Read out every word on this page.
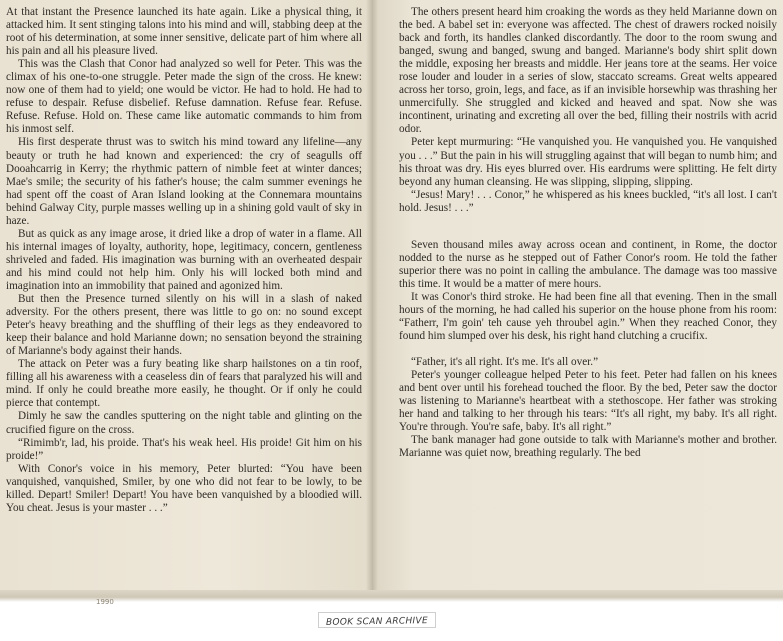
At that instant the Presence launched its hate again. Like a physical thing, it attacked him. It sent stinging talons into his mind and will, stabbing deep at the root of his determination, at some inner sensitive, delicate part of him where all his pain and all his pleasure lived.

This was the Clash that Conor had analyzed so well for Peter. This was the climax of his one-to-one struggle. Peter made the sign of the cross. He knew: now one of them had to yield; one would be victor. He had to hold. He had to refuse to despair. Refuse disbelief. Refuse damnation. Refuse fear. Refuse. Refuse. Refuse. Hold on. These came like automatic commands to him from his inmost self.

His first desperate thrust was to switch his mind toward any lifeline—any beauty or truth he had known and experienced: the cry of seagulls off Dooahcarrig in Kerry; the rhythmic pattern of nimble feet at winter dances; Mae's smile; the security of his father's house; the calm summer evenings he had spent off the coast of Aran Island looking at the Connemara mountains behind Galway City, purple masses welling up in a shining gold vault of sky in haze.

But as quick as any image arose, it dried like a drop of water in a flame. All his internal images of loyalty, authority, hope, legitimacy, concern, gentleness shriveled and faded. His imagination was burning with an overheated despair and his mind could not help him. Only his will locked both mind and imagination into an immobility that pained and agonized him.

But then the Presence turned silently on his will in a slash of naked adversity. For the others present, there was little to go on: no sound except Peter's heavy breathing and the shuffling of their legs as they endeavored to keep their balance and hold Marianne down; no sensation beyond the straining of Marianne's body against their hands.

The attack on Peter was a fury beating like sharp hailstones on a tin roof, filling all his awareness with a ceaseless din of fears that paralyzed his will and mind. If only he could breathe more easily, he thought. Or if only he could pierce that contempt.

Dimly he saw the candles sputtering on the night table and glinting on the crucified figure on the cross.

“Rimimb'r, lad, his proide. That's his weak heel. His proide! Git him on his proide!”

With Conor's voice in his memory, Peter blurted: “You have been vanquished, vanquished, Smiler, by one who did not fear to be lowly, to be killed. Depart! Smiler! Depart! You have been vanquished by a bloodied will. You cheat. Jesus is your master . . .”

The others present heard him croaking the words as they held Marianne down on the bed. A babel set in: everyone was affected. The chest of drawers rocked noisily back and forth, its handles clanked discordantly. The door to the room swung and banged, swung and banged, swung and banged. Marianne's body shirt split down the middle, exposing her breasts and middle. Her jeans tore at the seams. Her voice rose louder and louder in a series of slow, staccato screams. Great welts appeared across her torso, groin, legs, and face, as if an invisible horsewhip was thrashing her unmercifully. She struggled and kicked and heaved and spat. Now she was incontinent, urinating and excreting all over the bed, filling their nostrils with acrid odor.

Peter kept murmuring: “He vanquished you. He vanquished you. He vanquished you . . .” But the pain in his will struggling against that will began to numb him; and his throat was dry. His eyes blurred over. His eardrums were splitting. He felt dirty beyond any human cleansing. He was slipping, slipping, slipping.

“Jesus! Mary! . . . Conor,” he whispered as his knees buckled, “it's all lost. I can't hold. Jesus! . . .”

Seven thousand miles away across ocean and continent, in Rome, the doctor nodded to the nurse as he stepped out of Father Conor's room. He told the father superior there was no point in calling the ambulance. The damage was too massive this time. It would be a matter of mere hours.

It was Conor's third stroke. He had been fine all that evening. Then in the small hours of the morning, he had called his superior on the house phone from his room: “Fatherr, I'm goin' teh cause yeh throubel agin.” When they reached Conor, they found him slumped over his desk, his right hand clutching a crucifix.

“Father, it's all right. It's me. It's all over.”

Peter's younger colleague helped Peter to his feet. Peter had fallen on his knees and bent over until his forehead touched the floor. By the bed, Peter saw the doctor was listening to Marianne's heartbeat with a stethoscope. Her father was stroking her hand and talking to her through his tears: “It's all right, my baby. It's all right. You're through. You're safe, baby. It's all right.”

The bank manager had gone outside to talk with Marianne's mother and brother. Marianne was quiet now, breathing regularly. The bed

1990
BOOK SCAN ARCHIVE
